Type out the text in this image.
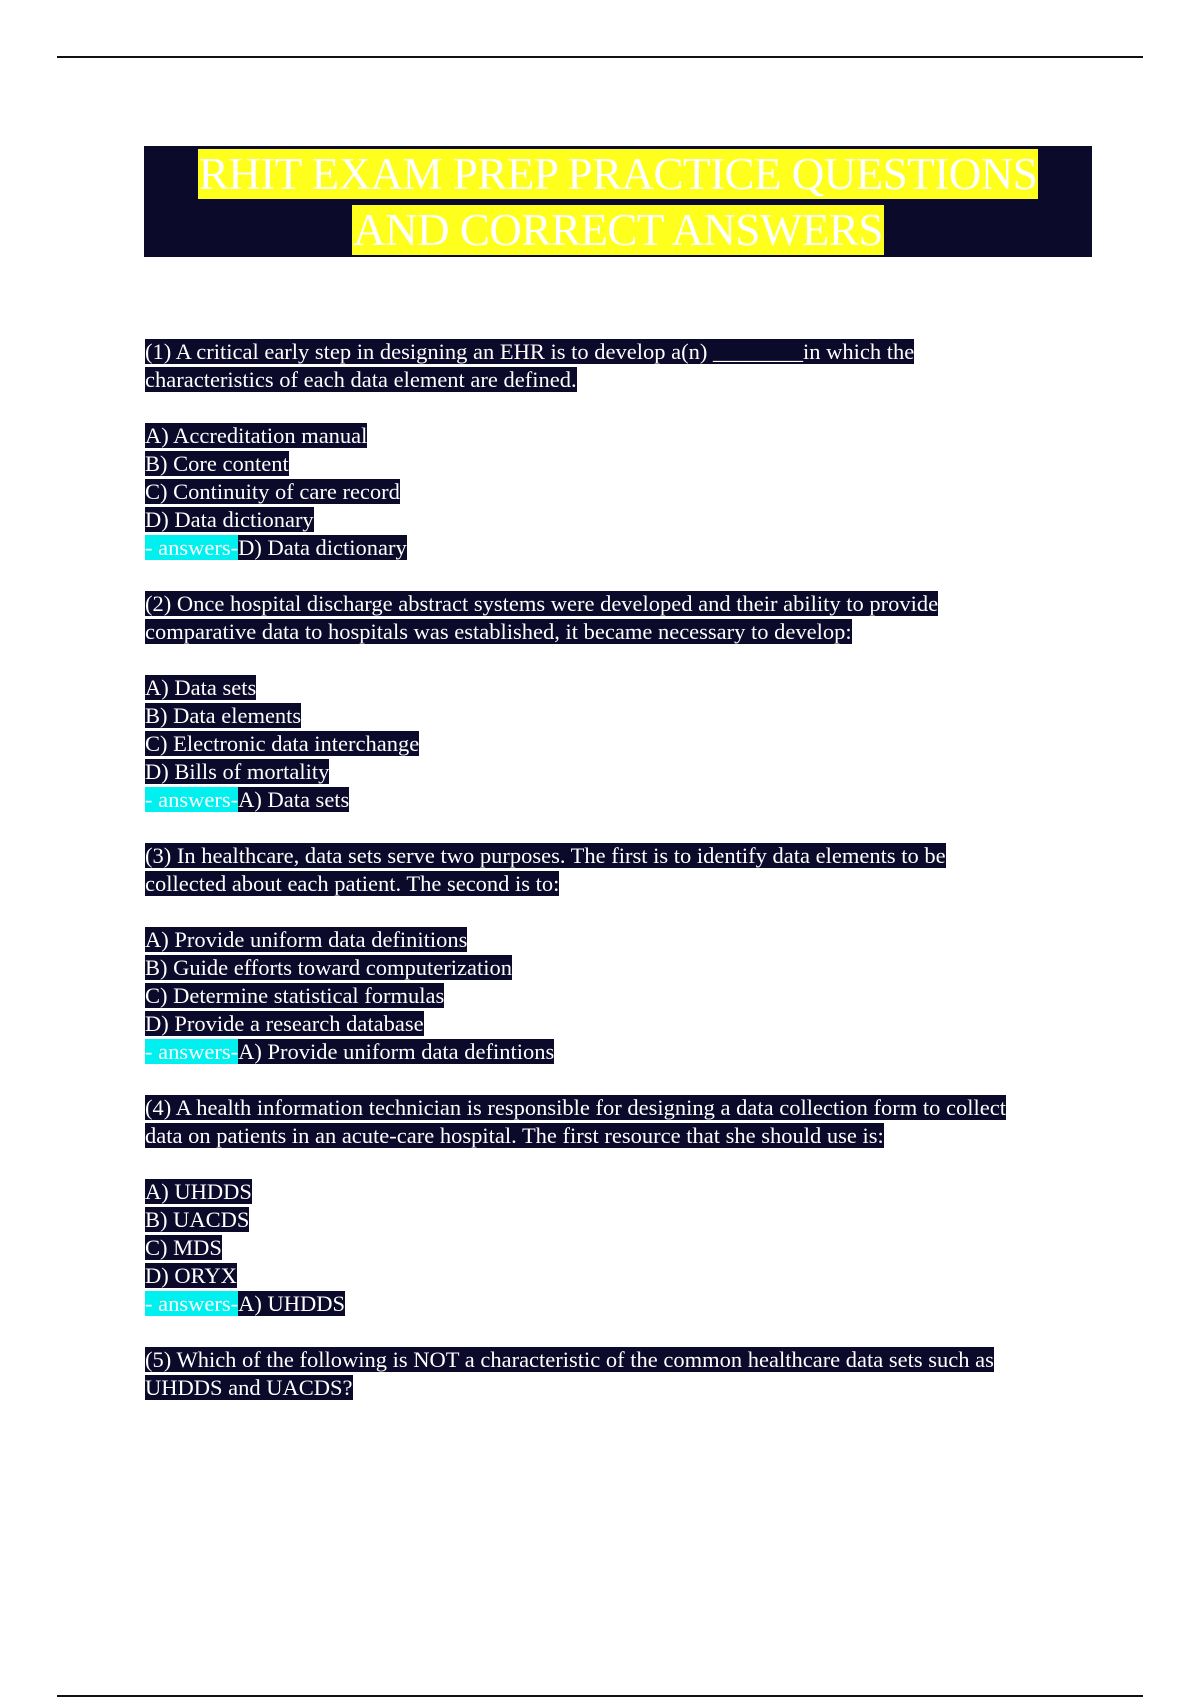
RHIT EXAM PREP PRACTICE QUESTIONS
AND CORRECT ANSWERS
(1) A critical early step in designing an EHR is to develop a(n) ________in which the
characteristics of each data element are defined.
A) Accreditation manual
B) Core content
C) Continuity of care record
D) Data dictionary
- answers-D) Data dictionary
(2) Once hospital discharge abstract systems were developed and their ability to provide
comparative data to hospitals was established, it became necessary to develop:
A) Data sets
B) Data elements
C) Electronic data interchange
D) Bills of mortality
- answers-A) Data sets
(3) In healthcare, data sets serve two purposes. The first is to identify data elements to be
collected about each patient. The second is to:
A) Provide uniform data definitions
B) Guide efforts toward computerization
C) Determine statistical formulas
D) Provide a research database
- answers-A) Provide uniform data defintions
(4) A health information technician is responsible for designing a data collection form to collect
data on patients in an acute-care hospital. The first resource that she should use is:
A) UHDDS
B) UACDS
C) MDS
D) ORYX
- answers-A) UHDDS
(5) Which of the following is NOT a characteristic of the common healthcare data sets such as
UHDDS and UACDS?
